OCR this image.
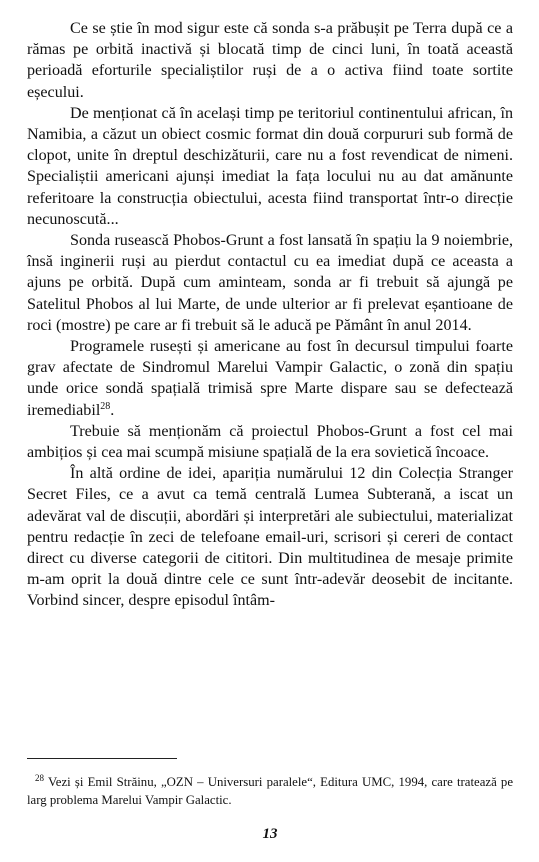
Ce se știe în mod sigur este că sonda s-a prăbușit pe Terra după ce a rămas pe orbită inactivă și blocată timp de cinci luni, în toată această perioadă eforturile specialiștilor ruși de a o activa fiind toate sortite eșecului.

De menționat că în același timp pe teritoriul continentului african, în Namibia, a căzut un obiect cosmic format din două corpururi sub formă de clopot, unite în dreptul deschizăturii, care nu a fost revendicat de nimeni. Specialiștii americani ajunși imediat la fața locului nu au dat amănunte referitoare la construcția obiectului, acesta fiind transportat într-o direcție necunoscută...

Sonda rusească Phobos-Grunt a fost lansată în spațiu la 9 noiembrie, însă inginerii ruși au pierdut contactul cu ea imediat după ce aceasta a ajuns pe orbită. După cum aminteam, sonda ar fi trebuit să ajungă pe Satelitul Phobos al lui Marte, de unde ulterior ar fi prelevat eșantioane de roci (mostre) pe care ar fi trebuit să le aducă pe Pământ în anul 2014.

Programele rusești și americane au fost în decursul timpului foarte grav afectate de Sindromul Marelui Vampir Galactic, o zonă din spațiu unde orice sondă spațială trimisă spre Marte dispare sau se defectează iremediabil$^{28}$.

Trebuie să menționăm că proiectul Phobos-Grunt a fost cel mai ambițios și cea mai scumpă misiune spațială de la era sovietică încoace.

În altă ordine de idei, apariția numărului 12 din Colecția Stranger Secret Files, ce a avut ca temă centrală Lumea Subterană, a iscat un adevărat val de discuții, abordări și interpretări ale subiectului, materializat pentru redacție în zeci de telefoane email-uri, scrisori și cereri de contact direct cu diverse categorii de cititori. Din multitudinea de mesaje primite m-am oprit la două dintre cele ce sunt într-adevăr deosebit de incitante. Vorbind sincer, despre episodul întâm-

$^{28}$ Vezi și Emil Străinu, „OZN – Universuri paralele“, Editura UMC, 1994, care tratează pe larg problema Marelui Vampir Galactic.

13
